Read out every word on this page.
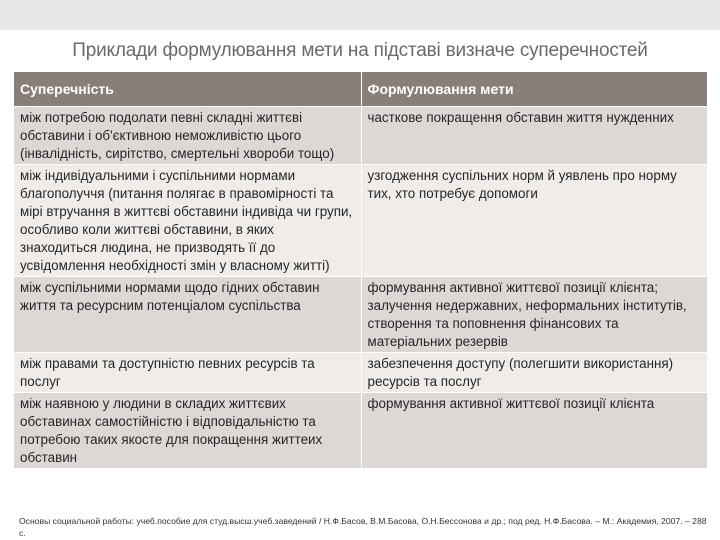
Приклади формулювання мети на підставі визначе суперечностей
Суперечність	Формулювання мети
між потребою подолати певні складні життєві обставини і об'єктивною неможливістю цього (інвалідність, сирітство, смертельні хвороби тощо)	часткове покращення обставин життя нужденних
між індивідуальними і суспільними нормами благополуччя (питання полягає в правомірності та мірі втручання в життєві обставини індивіда чи групи, особливо коли життєві обставини, в яких знаходиться людина, не призводять її до усвідомлення необхідності змін у власному житті)	узгодження суспільних норм й уявлень про норму тих, хто потребує допомоги
між суспільними нормами щодо гідних обставин життя та ресурсним потенціалом суспільства	формування активної життєвої позиції клієнта; залучення недержавних, неформальних інститутів, створення та поповнення фінансових та матеріальних резервів
між правами та доступністю певних ресурсів та послуг	забезпечення доступу (полегшити використання) ресурсів та послуг
між наявною у людини в складих життєвих обставинах самостійністю і відповідальністю та потребою таких якосте для покращення життеих обставин	формування активної життєвої позиції клієнта
Основы социальной работы: учеб.пособие для студ.высш.учеб.заведений / Н.Ф.Басов, В.М.Басова, О.Н.Бессонова и др.; под ред. Н.Ф.Басова. – М.: Академия, 2007. – 288 с.
